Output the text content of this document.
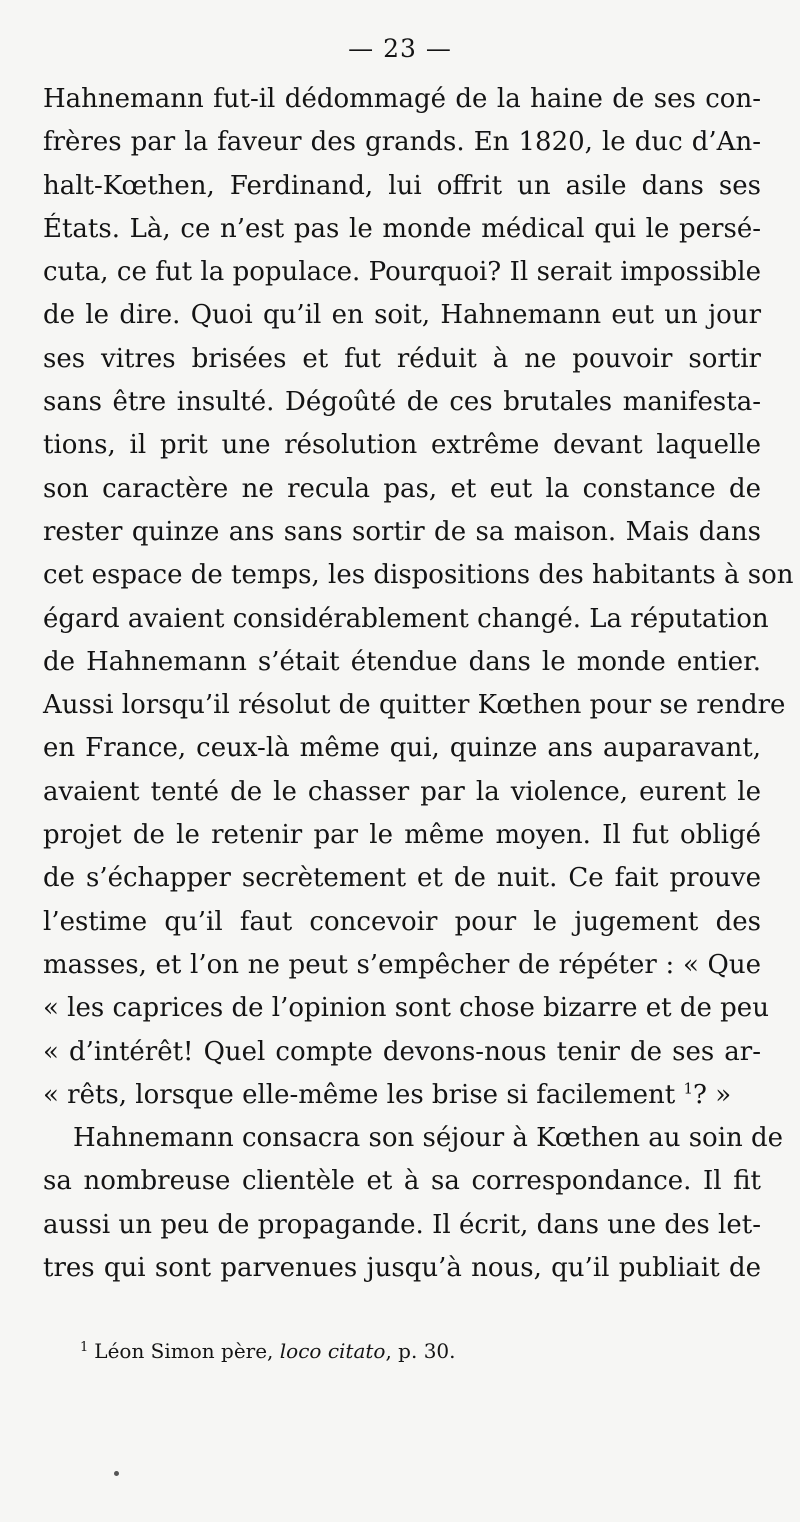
— 23 —
Hahnemann fut-il dédommagé de la haine de ses con-
frères par la faveur des grands. En 1820, le duc d’An-
halt-Kœthen, Ferdinand, lui offrit un asile dans ses
États. Là, ce n’est pas le monde médical qui le persé-
cuta, ce fut la populace. Pourquoi? Il serait impossible
de le dire. Quoi qu’il en soit, Hahnemann eut un jour
ses vitres brisées et fut réduit à ne pouvoir sortir
sans être insulté. Dégoûté de ces brutales manifesta-
tions, il prit une résolution extrême devant laquelle
son caractère ne recula pas, et eut la constance de
rester quinze ans sans sortir de sa maison. Mais dans
cet espace de temps, les dispositions des habitants à son
égard avaient considérablement changé. La réputation
de Hahnemann s’était étendue dans le monde entier.
Aussi lorsqu’il résolut de quitter Kœthen pour se rendre
en France, ceux-là même qui, quinze ans auparavant,
avaient tenté de le chasser par la violence, eurent le
projet de le retenir par le même moyen. Il fut obligé
de s’échapper secrètement et de nuit. Ce fait prouve
l’estime qu’il faut concevoir pour le jugement des
masses, et l’on ne peut s’empêcher de répéter : « Que
« les caprices de l’opinion sont chose bizarre et de peu
« d’intérêt! Quel compte devons-nous tenir de ses ar-
« rêts, lorsque elle-même les brise si facilement $^1$? »
Hahnemann consacra son séjour à Kœthen au soin de
sa nombreuse clientèle et à sa correspondance. Il fit
aussi un peu de propagande. Il écrit, dans une des let-
tres qui sont parvenues jusqu’à nous, qu’il publiait de
$^1$ Léon Simon père, loco citato, p. 30.
